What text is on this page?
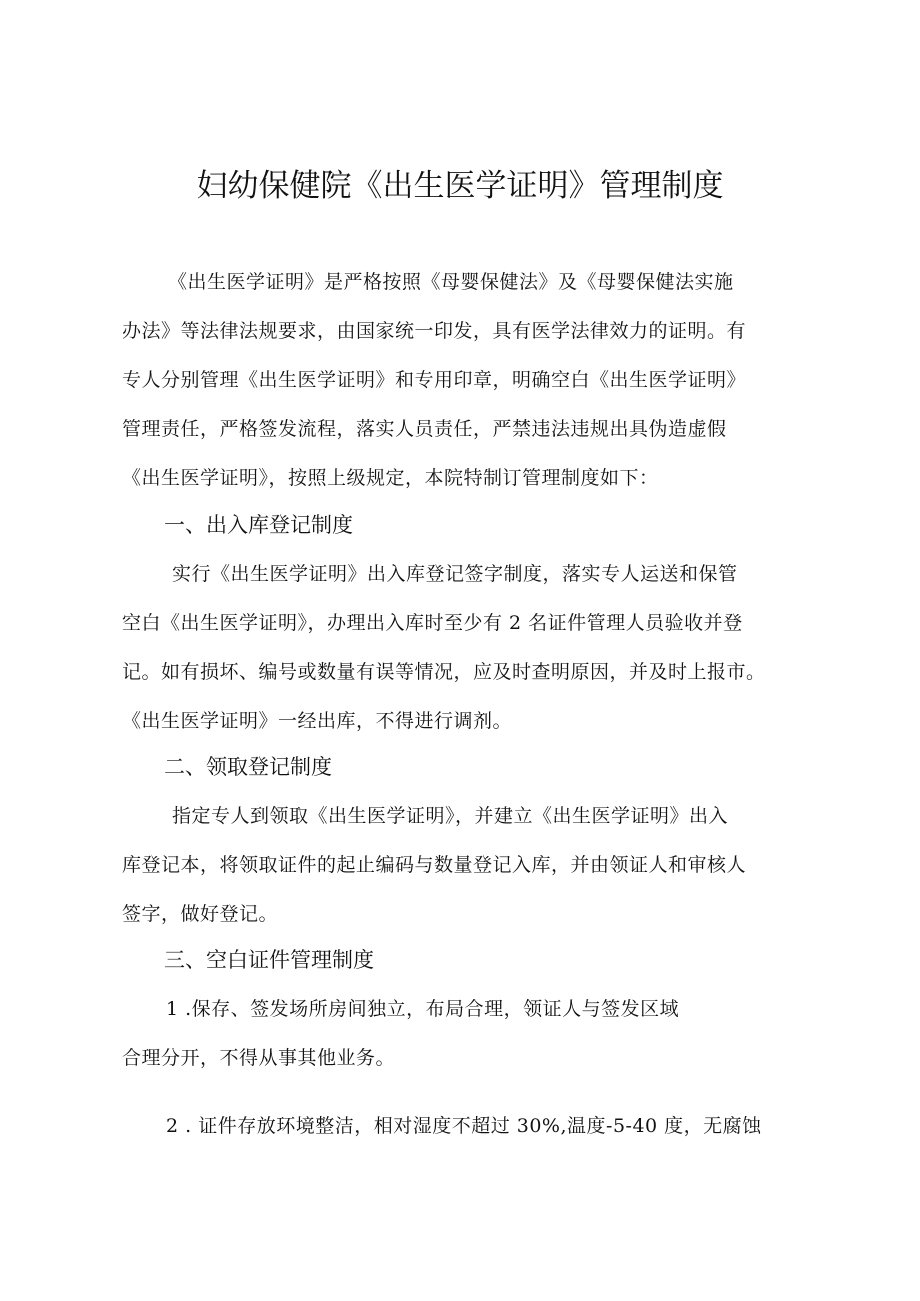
妇幼保健院《出生医学证明》管理制度

《出生医学证明》是严格按照《母婴保健法》及《母婴保健法实施

办法》等法律法规要求，由国家统一印发，具有医学法律效力的证明。有

专人分别管理《出生医学证明》和专用印章，明确空白《出生医学证明》

管理责任，严格签发流程，落实人员责任，严禁违法违规出具伪造虚假

《出生医学证明》，按照上级规定，本院特制订管理制度如下：

一、出入库登记制度

实行《出生医学证明》出入库登记签字制度，落实专人运送和保管

空白《出生医学证明》，办理出入库时至少有 2 名证件管理人员验收并登

记。如有损坏、编号或数量有误等情况，应及时查明原因，并及时上报市。

《出生医学证明》一经出库，不得进行调剂。

二、领取登记制度

指定专人到领取《出生医学证明》，并建立《出生医学证明》出入

库登记本，将领取证件的起止编码与数量登记入库，并由领证人和审核人

签字，做好登记。

三、空白证件管理制度

1 .保存、签发场所房间独立，布局合理，领证人与签发区域

合理分开，不得从事其他业务。

2 . 证件存放环境整洁，相对湿度不超过 30%,温度-5-40 度，无腐蚀
